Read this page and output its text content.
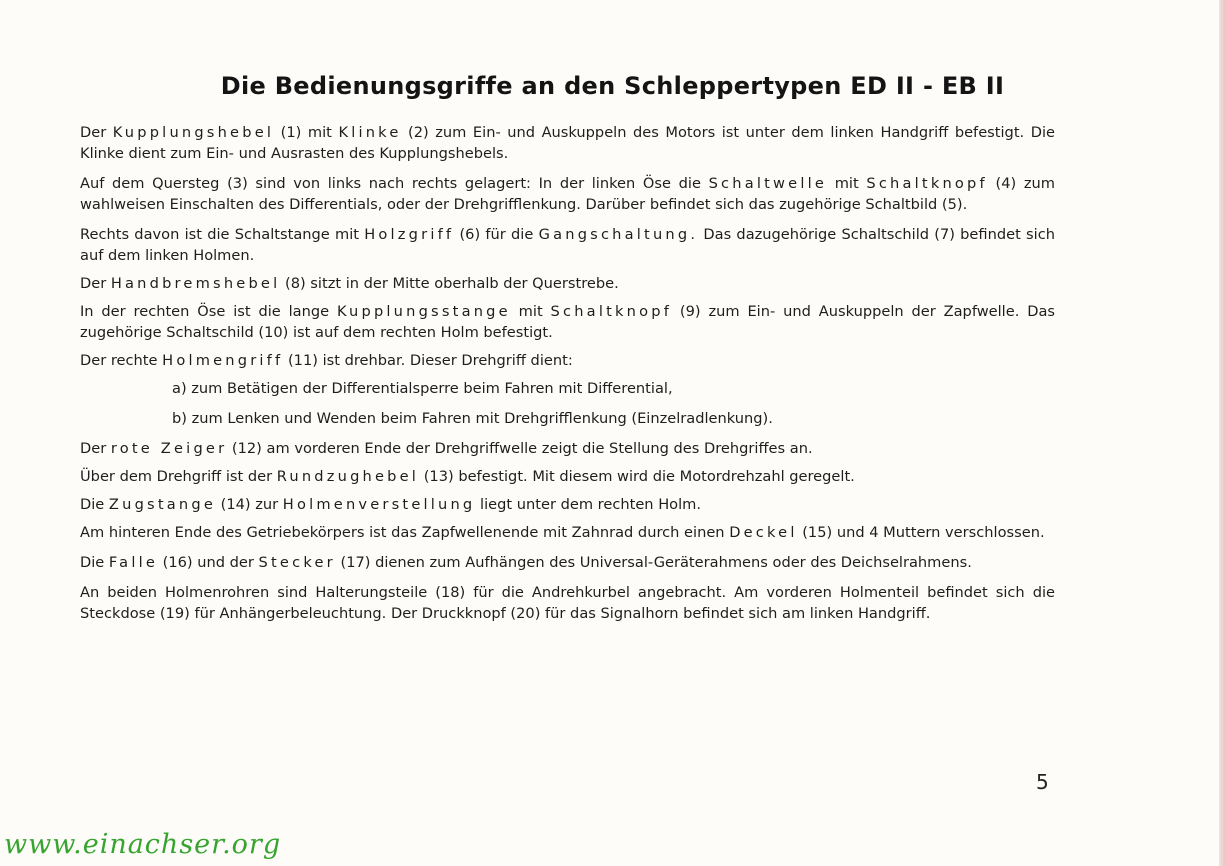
Die Bedienungsgriffe an den Schleppertypen ED II - EB II

Der Kupplungshebel (1) mit Klinke (2) zum Ein- und Auskuppeln des Motors ist unter dem linken Handgriff befestigt. Die Klinke dient zum Ein- und Ausrasten des Kupplungshebels.

Auf dem Quersteg (3) sind von links nach rechts gelagert: In der linken Öse die Schaltwelle mit Schaltknopf (4) zum wahlweisen Einschalten des Differentials, oder der Drehgrifflenkung. Darüber befindet sich das zugehörige Schaltbild (5).

Rechts davon ist die Schaltstange mit Holzgriff (6) für die Gangschaltung. Das dazugehörige Schaltschild (7) befindet sich auf dem linken Holmen.

Der Handbremshebel (8) sitzt in der Mitte oberhalb der Querstrebe.

In der rechten Öse ist die lange Kupplungsstange mit Schaltknopf (9) zum Ein- und Auskuppeln der Zapfwelle. Das zugehörige Schaltschild (10) ist auf dem rechten Holm befestigt.

Der rechte Holmengriff (11) ist drehbar. Dieser Drehgriff dient:

a) zum Betätigen der Differentialsperre beim Fahren mit Differential,

b) zum Lenken und Wenden beim Fahren mit Drehgrifflenkung (Einzelradlenkung).

Der rote Zeiger (12) am vorderen Ende der Drehgriffwelle zeigt die Stellung des Drehgriffes an.

Über dem Drehgriff ist der Rundzughebel (13) befestigt. Mit diesem wird die Motordrehzahl geregelt.

Die Zugstange (14) zur Holmenverstellung liegt unter dem rechten Holm.

Am hinteren Ende des Getriebekörpers ist das Zapfwellenende mit Zahnrad durch einen Deckel (15) und 4 Muttern verschlossen.

Die Falle (16) und der Stecker (17) dienen zum Aufhängen des Universal-Geräterahmens oder des Deichselrahmens.

An beiden Holmenrohren sind Halterungsteile (18) für die Andrehkurbel angebracht. Am vorderen Holmenteil befindet sich die Steckdose (19) für Anhängerbeleuchtung. Der Druckknopf (20) für das Signalhorn befindet sich am linken Handgriff.

5
www.einachser.org
